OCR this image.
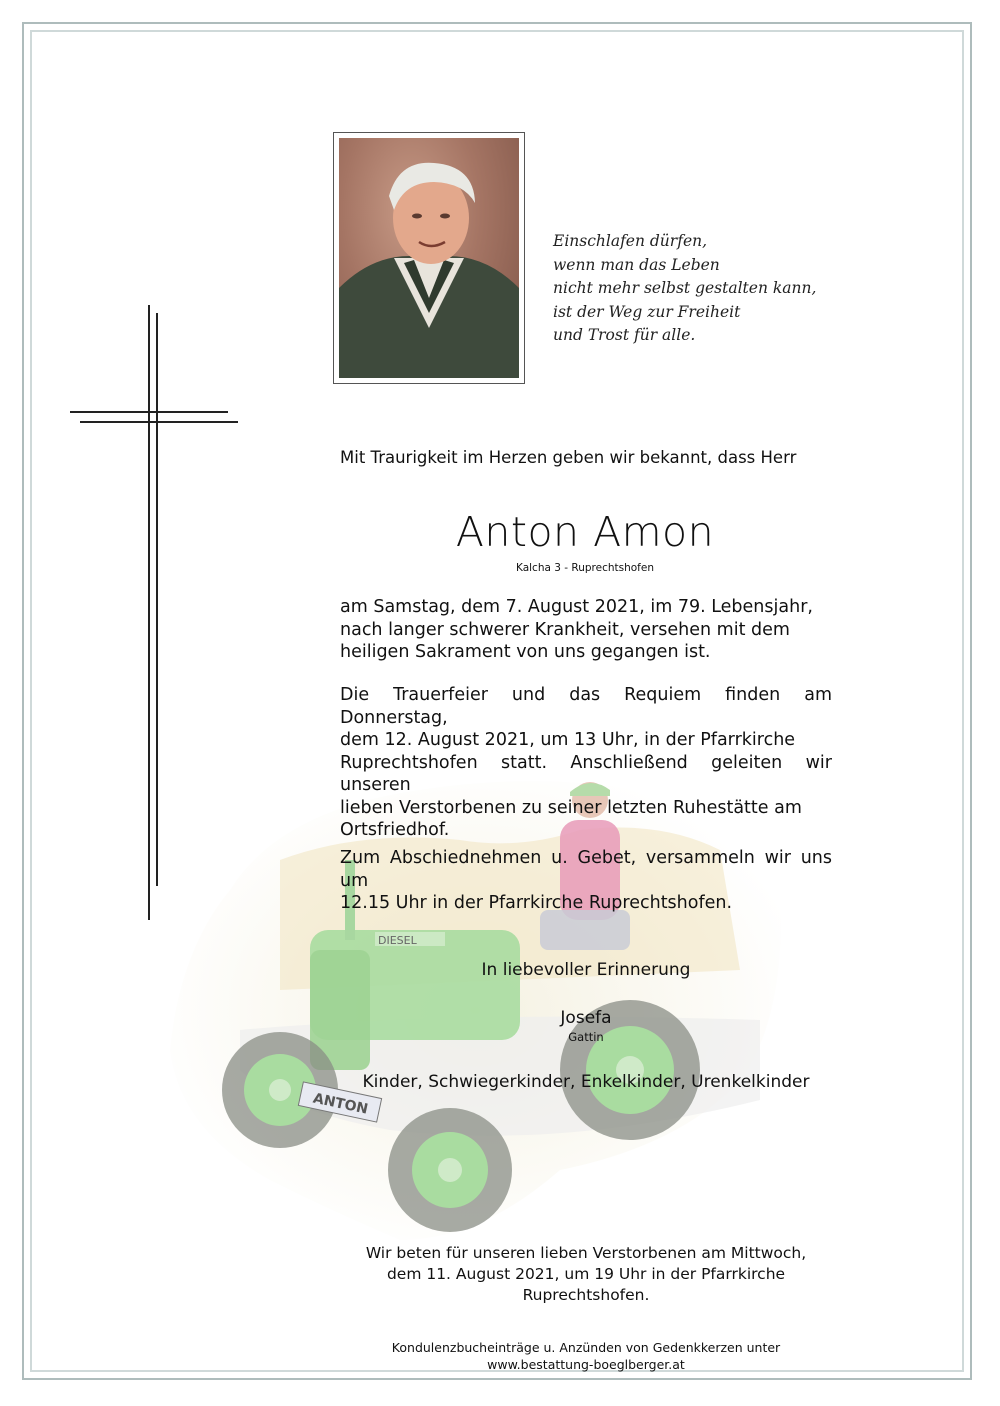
DIESEL
ANTON
Einschlafen dürfen,
wenn man das Leben
nicht mehr selbst gestalten kann,
ist der Weg zur Freiheit
und Trost für alle.
Mit Traurigkeit im Herzen geben wir bekannt, dass Herr
Anton Amon
Kalcha 3 - Ruprechtshofen
am Samstag, dem 7. August 2021, im 79. Lebensjahr,
nach langer schwerer Krankheit, versehen mit dem
heiligen Sakrament von uns gegangen ist.
Die Trauerfeier und das Requiem finden am Donnerstag,
dem 12. August 2021, um 13 Uhr, in der Pfarrkirche
Ruprechtshofen statt. Anschließend geleiten wir unseren
lieben Verstorbenen zu seiner letzten Ruhestätte am
Ortsfriedhof.
Zum Abschiednehmen u. Gebet, versammeln wir uns um
12.15 Uhr in der Pfarrkirche Ruprechtshofen.
In liebevoller Erinnerung
Josefa
Gattin
Kinder, Schwiegerkinder, Enkelkinder, Urenkelkinder
Wir beten für unseren lieben Verstorbenen am Mittwoch,
dem 11. August 2021, um 19 Uhr in der Pfarrkirche
Ruprechtshofen.
Kondulenzbucheinträge u. Anzünden von Gedenkkerzen unter
www.bestattung-boeglberger.at
